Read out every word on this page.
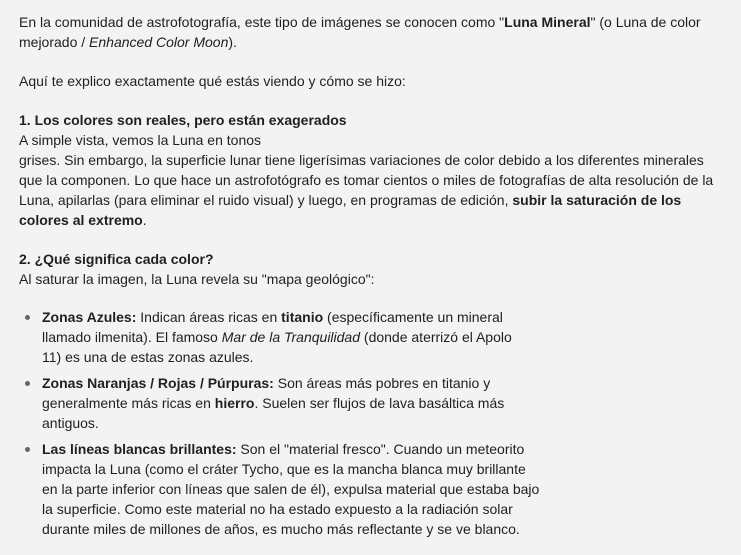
En la comunidad de astrofotografía, este tipo de imágenes se conocen como "Luna Mineral" (o Luna de color mejorado / Enhanced Color Moon).

Aquí te explico exactamente qué estás viendo y cómo se hizo:

1. Los colores son reales, pero están exagerados
A simple vista, vemos la Luna en tonos
grises. Sin embargo, la superficie lunar tiene ligerísimas variaciones de color debido a los diferentes minerales que la componen. Lo que hace un astrofotógrafo es tomar cientos o miles de fotografías de alta resolución de la Luna, apilarlas (para eliminar el ruido visual) y luego, en programas de edición, subir la saturación de los colores al extremo.

2. ¿Qué significa cada color?
Al saturar la imagen, la Luna revela su "mapa geológico":

Zonas Azules: Indican áreas ricas en titanio (específicamente un mineral llamado ilmenita). El famoso Mar de la Tranquilidad (donde aterrizó el Apolo 11) es una de estas zonas azules.
Zonas Naranjas / Rojas / Púrpuras: Son áreas más pobres en titanio y generalmente más ricas en hierro. Suelen ser flujos de lava basáltica más antiguos.
Las líneas blancas brillantes: Son el "material fresco". Cuando un meteorito impacta la Luna (como el cráter Tycho, que es la mancha blanca muy brillante en la parte inferior con líneas que salen de él), expulsa material que estaba bajo la superficie. Como este material no ha estado expuesto a la radiación solar durante miles de millones de años, es mucho más reflectante y se ve blanco.
